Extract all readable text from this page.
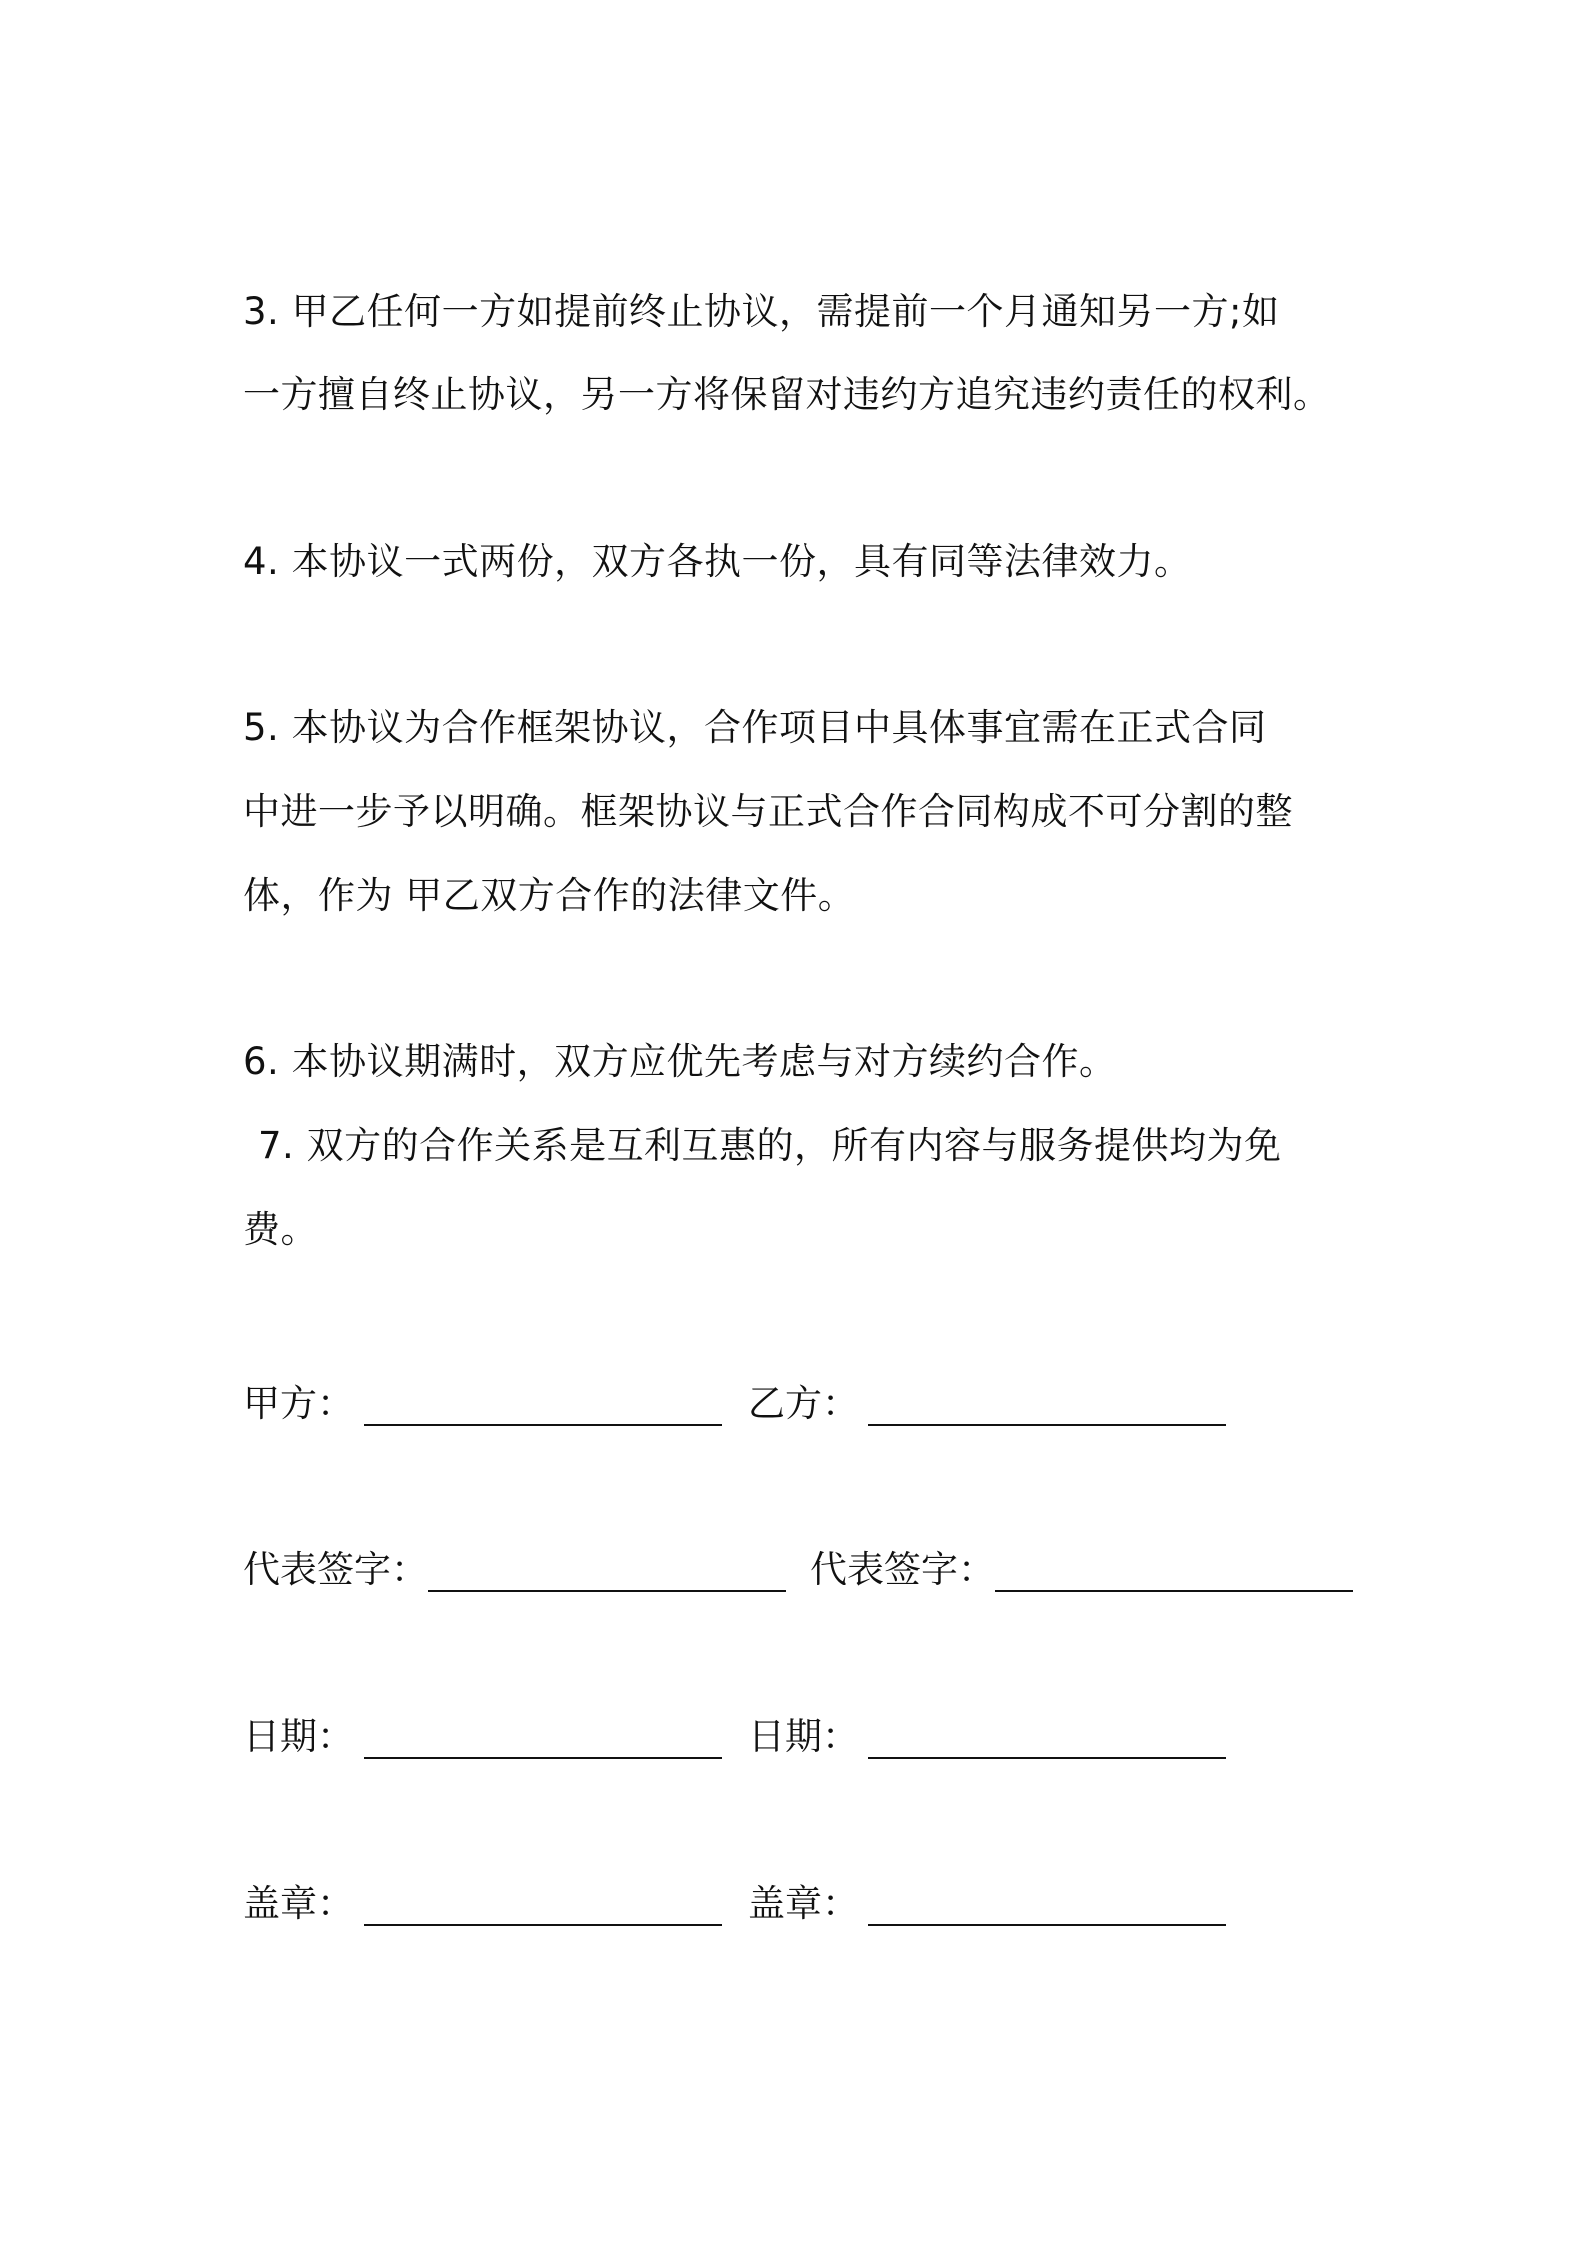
3. 甲乙任何一方如提前终止协议，需提前一个月通知另一方;如
一方擅自终止协议，另一方将保留对违约方追究违约责任的权利。
4. 本协议一式两份，双方各执一份，具有同等法律效力。
5. 本协议为合作框架协议，合作项目中具体事宜需在正式合同
中进一步予以明确。框架协议与正式合作合同构成不可分割的整
体，作为 甲乙双方合作的法律文件。
6. 本协议期满时，双方应优先考虑与对方续约合作。
7. 双方的合作关系是互利互惠的，所有内容与服务提供均为免
费。
甲方：	乙方：
代表签字：	代表签字：
日期：	日期：
盖章：	盖章：
